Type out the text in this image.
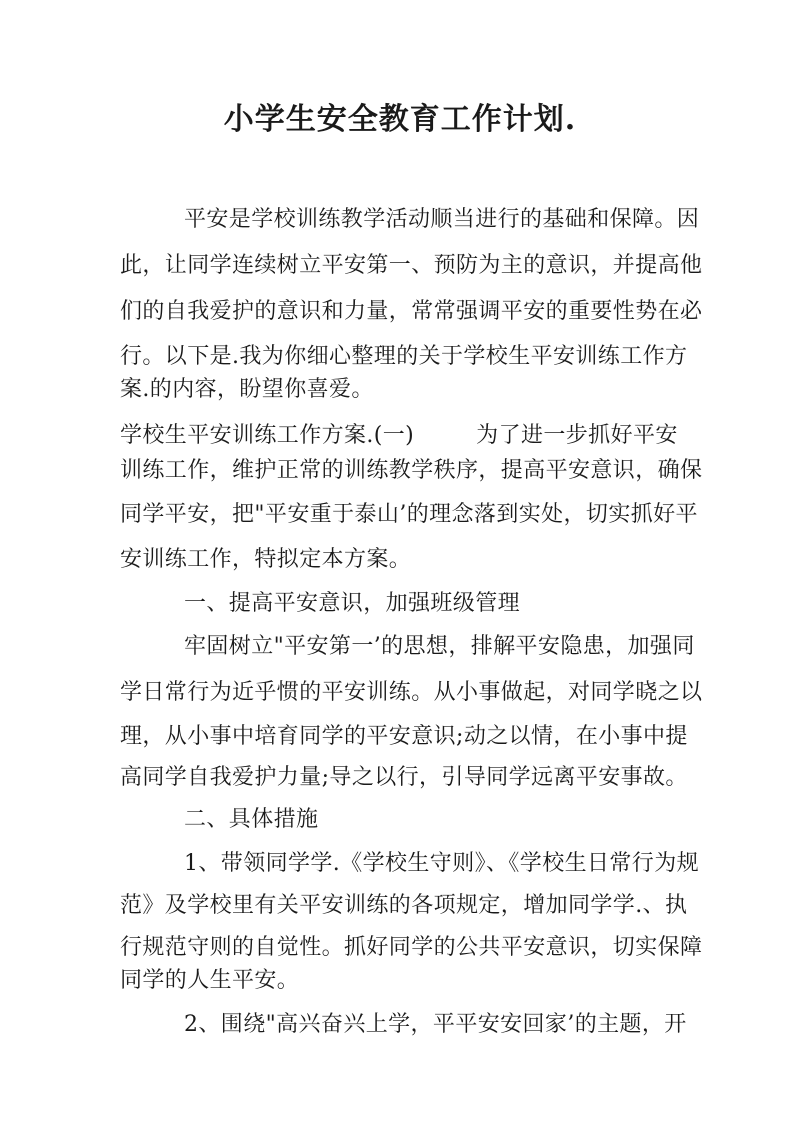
小学生安全教育工作计划.
平安是学校训练教学活动顺当进行的基础和保障。因
此，让同学连续树立平安第一、预防为主的意识，并提高他
们的自我爱护的意识和力量，常常强调平安的重要性势在必
行。以下是.我为你细心整理的关于学校生平安训练工作方
案.的内容，盼望你喜爱。
学校生平安训练工作方案.(一)	为了进一步抓好平安
训练工作，维护正常的训练教学秩序，提高平安意识，确保
同学平安，把"平安重于泰山’的理念落到实处，切实抓好平
安训练工作，特拟定本方案。
一、提高平安意识，加强班级管理
牢固树立"平安第一’的思想，排解平安隐患，加强同
学日常行为近乎惯的平安训练。从小事做起，对同学晓之以
理，从小事中培育同学的平安意识;动之以情，在小事中提
高同学自我爱护力量;导之以行，引导同学远离平安事故。
二、具体措施
1、带领同学学.《学校生守则》、《学校生日常行为规
范》及学校里有关平安训练的各项规定，增加同学学.、执
行规范守则的自觉性。抓好同学的公共平安意识，切实保障
同学的人生平安。
2、围绕"高兴奋兴上学，平平安安回家’的主题，开
